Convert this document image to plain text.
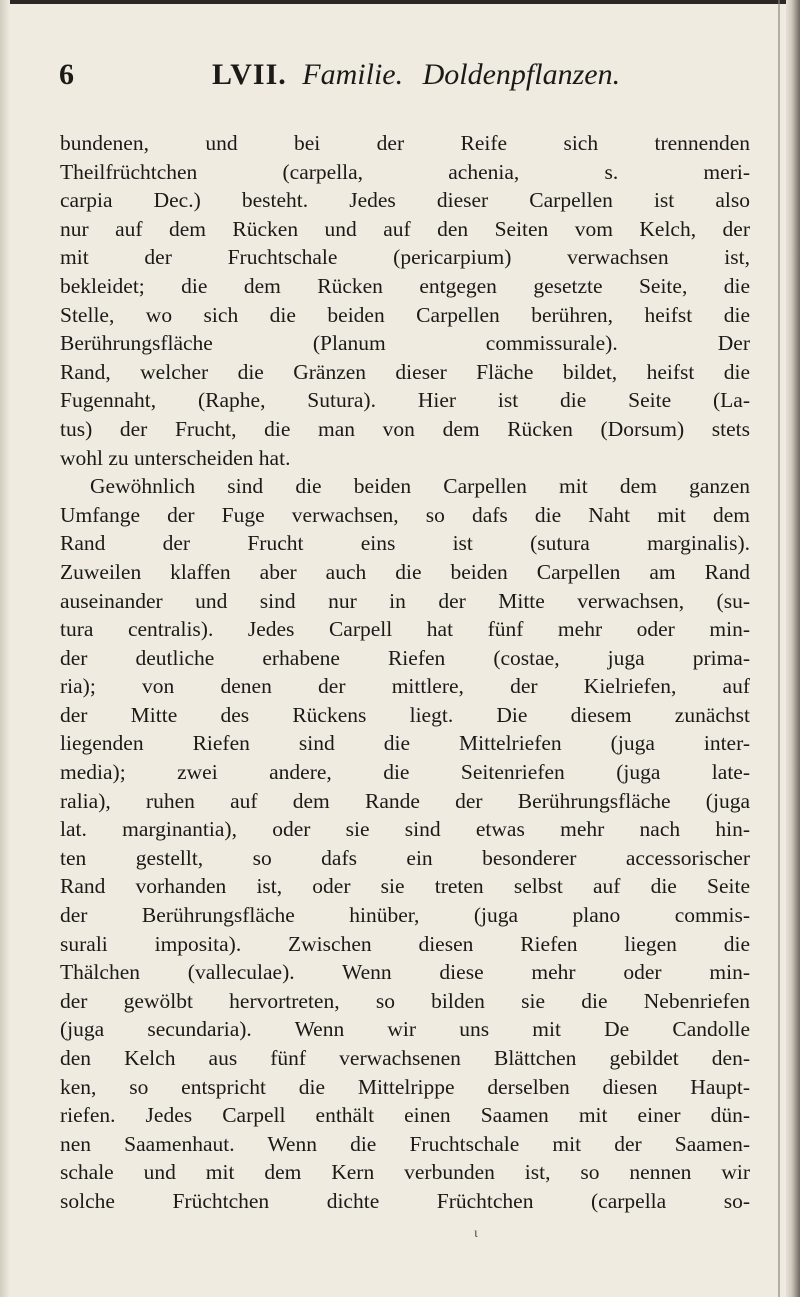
6	LVII. Familie. Doldenpflanzen.
bundenen, und bei der Reife sich trennenden
Theilfrüchtchen (carpella, achenia, s. meri-
carpia Dec.) besteht. Jedes dieser Carpellen ist also
nur auf dem Rücken und auf den Seiten vom Kelch, der
mit der Fruchtschale (pericarpium) verwachsen ist,
bekleidet; die dem Rücken entgegen gesetzte Seite, die
Stelle, wo sich die beiden Carpellen berühren, heifst die
Berührungsfläche (Planum commissurale). Der
Rand, welcher die Gränzen dieser Fläche bildet, heifst die
Fugennaht, (Raphe, Sutura). Hier ist die Seite (La-
tus) der Frucht, die man von dem Rücken (Dorsum) stets
wohl zu unterscheiden hat.
Gewöhnlich sind die beiden Carpellen mit dem ganzen
Umfange der Fuge verwachsen, so dafs die Naht mit dem
Rand der Frucht eins ist (sutura marginalis).
Zuweilen klaffen aber auch die beiden Carpellen am Rand
auseinander und sind nur in der Mitte verwachsen, (su-
tura centralis). Jedes Carpell hat fünf mehr oder min-
der deutliche erhabene Riefen (costae, juga prima-
ria); von denen der mittlere, der Kielriefen, auf
der Mitte des Rückens liegt. Die diesem zunächst
liegenden Riefen sind die Mittelriefen (juga inter-
media); zwei andere, die Seitenriefen (juga late-
ralia), ruhen auf dem Rande der Berührungsfläche (juga
lat. marginantia), oder sie sind etwas mehr nach hin-
ten gestellt, so dafs ein besonderer accessorischer
Rand vorhanden ist, oder sie treten selbst auf die Seite
der Berührungsfläche hinüber, (juga plano commis-
surali imposita). Zwischen diesen Riefen liegen die
Thälchen (valleculae). Wenn diese mehr oder min-
der gewölbt hervortreten, so bilden sie die Nebenriefen
(juga secundaria). Wenn wir uns mit De Candolle
den Kelch aus fünf verwachsenen Blättchen gebildet den-
ken, so entspricht die Mittelrippe derselben diesen Haupt-
riefen. Jedes Carpell enthält einen Saamen mit einer dün-
nen Saamenhaut. Wenn die Fruchtschale mit der Saamen-
schale und mit dem Kern verbunden ist, so nennen wir
solche Früchtchen dichte Früchtchen (carpella so-
ι
